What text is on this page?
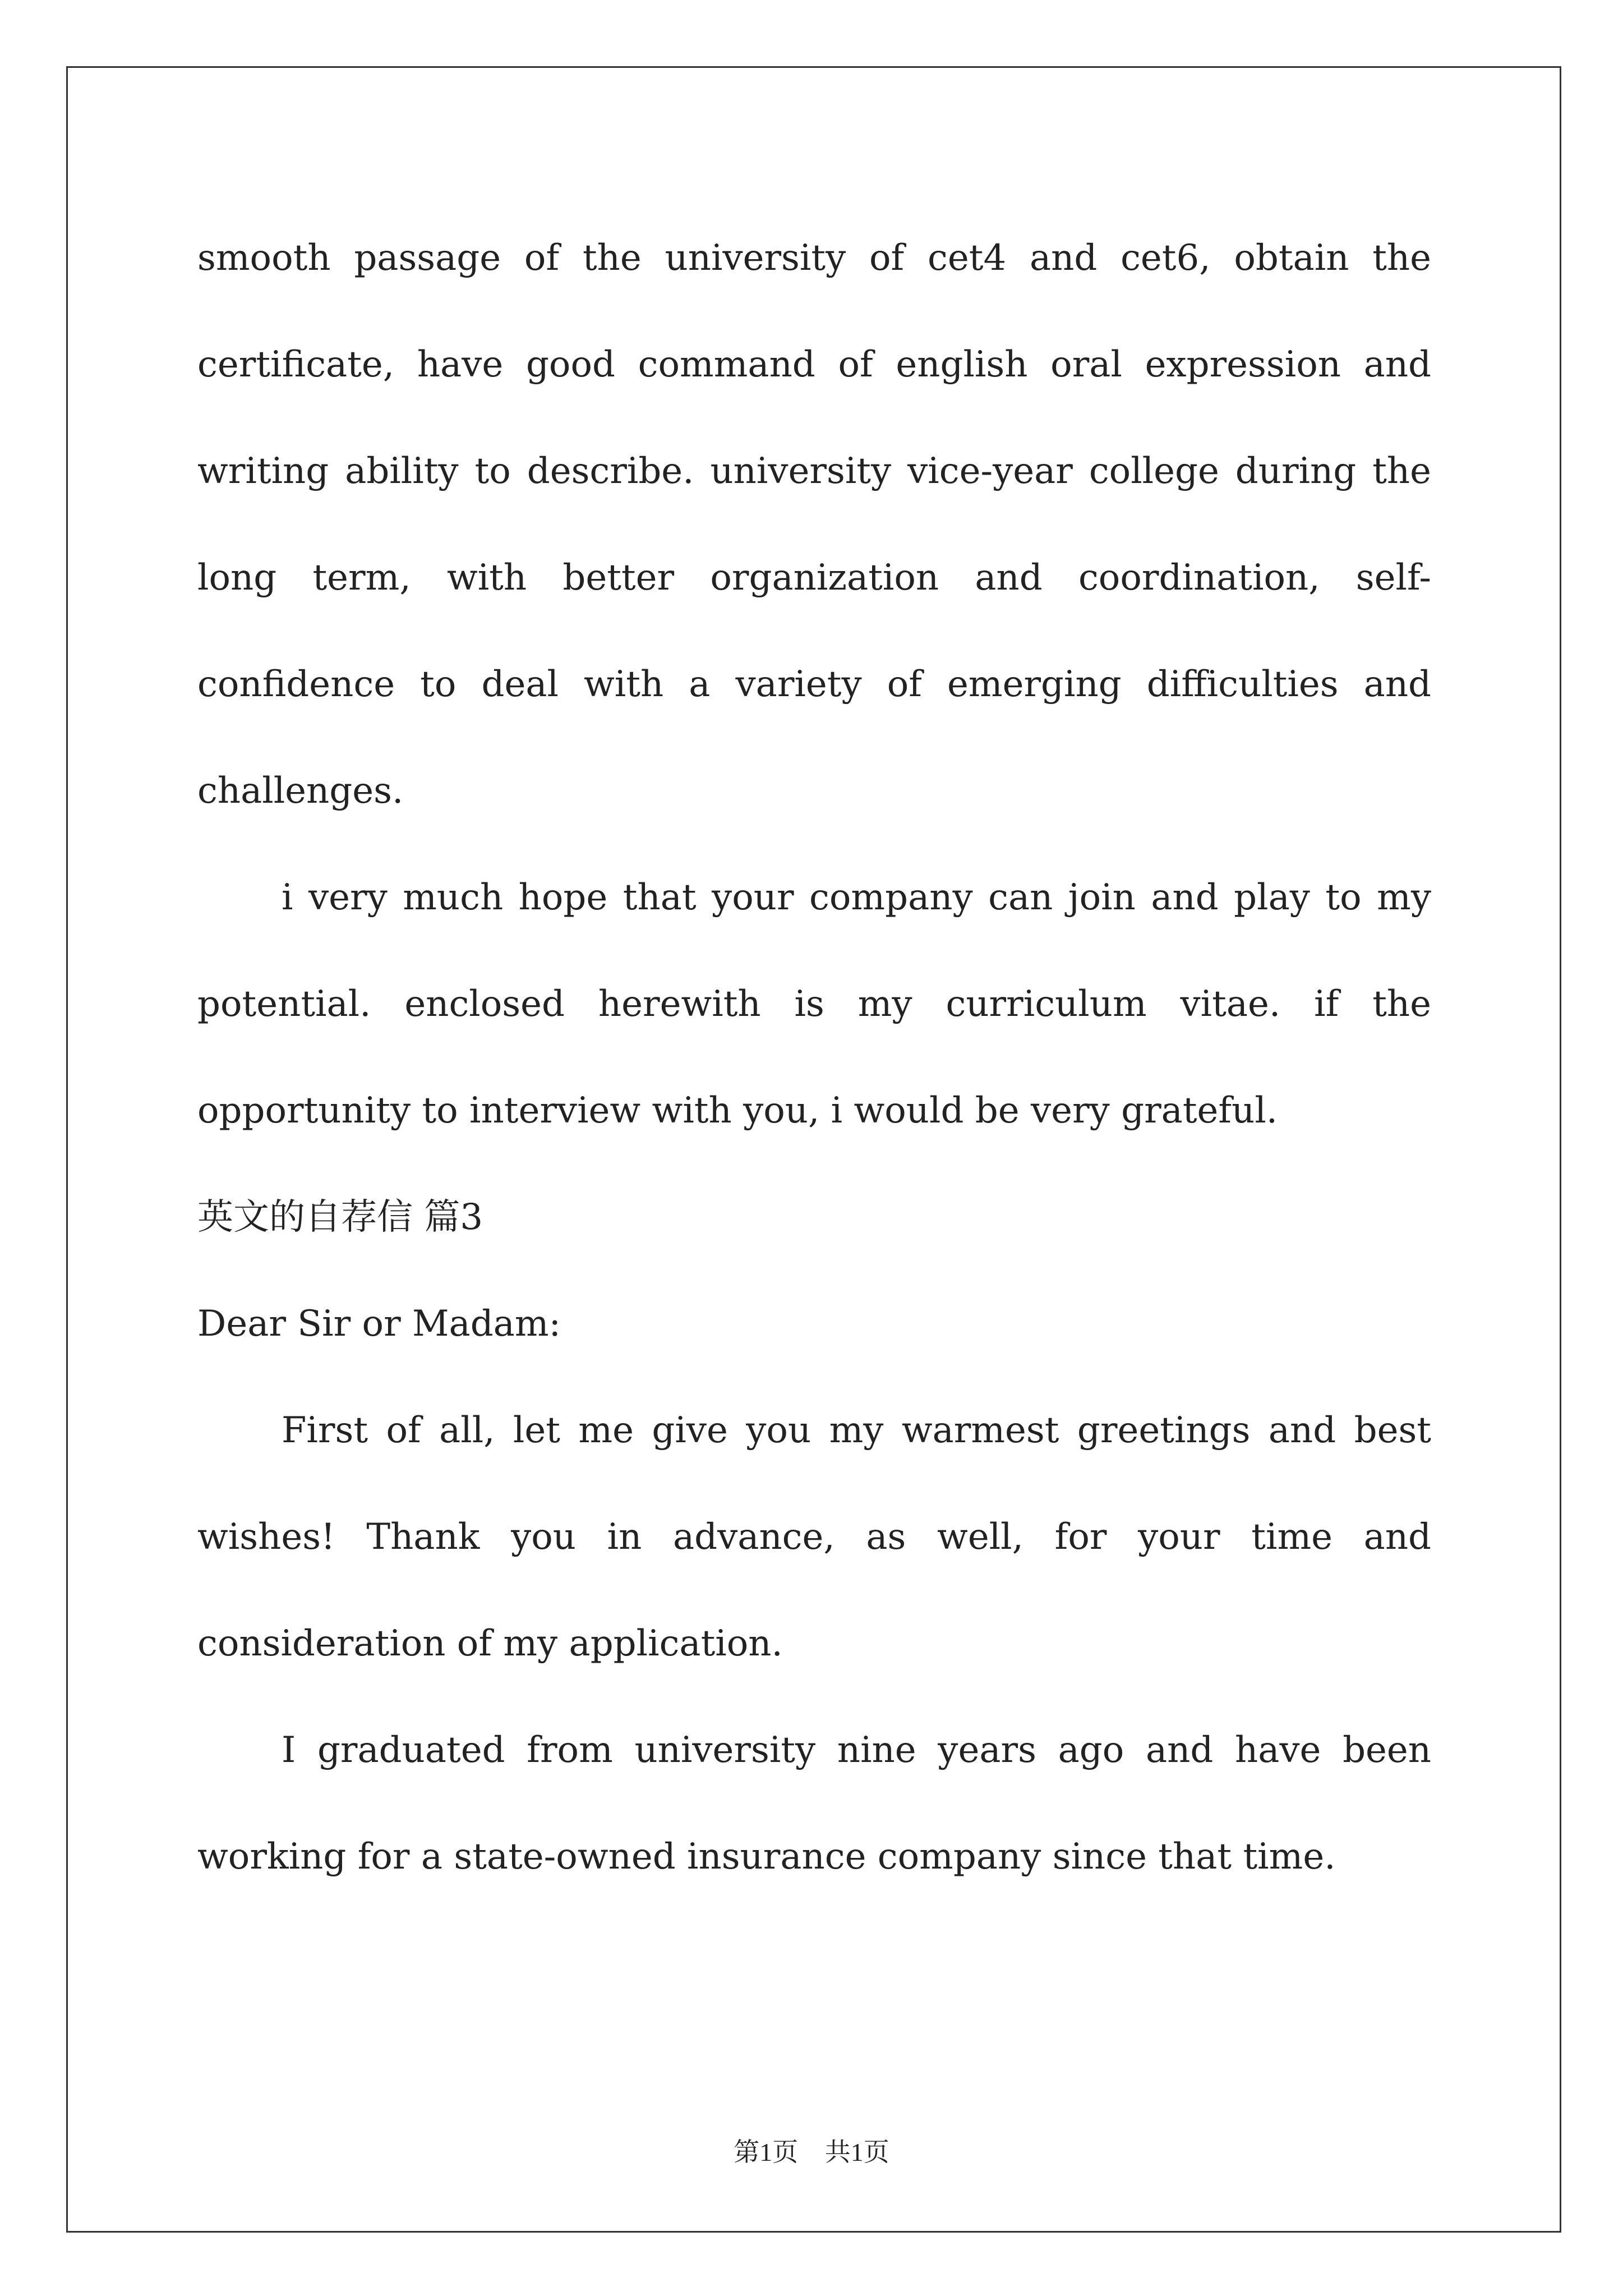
smooth passage of the university of cet4 and cet6, obtain the certificate, have good command of english oral expression and writing ability to describe. university vice-year college during the long term, with better organization and coordination, self-confidence to deal with a variety of emerging difficulties and challenges.

i very much hope that your company can join and play to my potential. enclosed herewith is my curriculum vitae. if the opportunity to interview with you, i would be very grateful.

英文的自荐信 篇3

Dear Sir or Madam:

First of all, let me give you my warmest greetings and best wishes! Thank you in advance, as well, for your time and consideration of my application.

I graduated from university nine years ago and have been working for a state-owned insurance company since that time.

第1页 共1页
